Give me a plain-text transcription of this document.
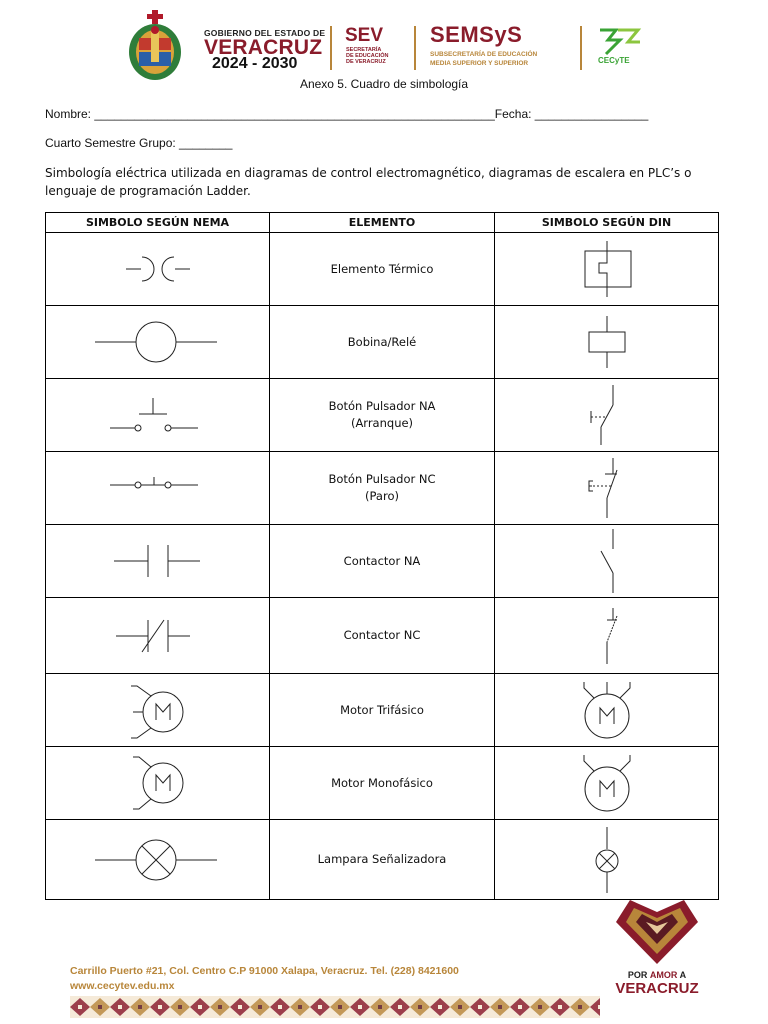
GOBIERNO DEL ESTADO DE
VERACRUZ
2024 - 2030
SEV
SECRETARÍA
DE EDUCACIÓN
DE VERACRUZ
SEMSyS
SUBSECRETARÍA DE EDUCACIÓN
MEDIA SUPERIOR Y SUPERIOR	CECyTE
Anexo 5. Cuadro de simbología
Nombre: ____________________________________________________________Fecha: _________________
Cuarto Semestre Grupo: ________
Simbología eléctrica utilizada en diagramas de control electromagnético, diagramas de escalera en PLC’s o lenguaje de programación Ladder.
SIMBOLO SEGÚN NEMA	ELEMENTO	SIMBOLO SEGÚN DIN

Elemento Térmico

Bobina/Relé

Botón Pulsador NA
(Arranque)

Botón Pulsador NC
(Paro)

Contactor NA

Contactor NC

Motor Trifásico

Motor Monofásico

Lampara Señalizadora

Carrillo Puerto #21, Col. Centro C.P 91000 Xalapa, Veracruz. Tel. (228) 8421600
www.cecytev.edu.mx
POR AMOR A
VERACRUZ
